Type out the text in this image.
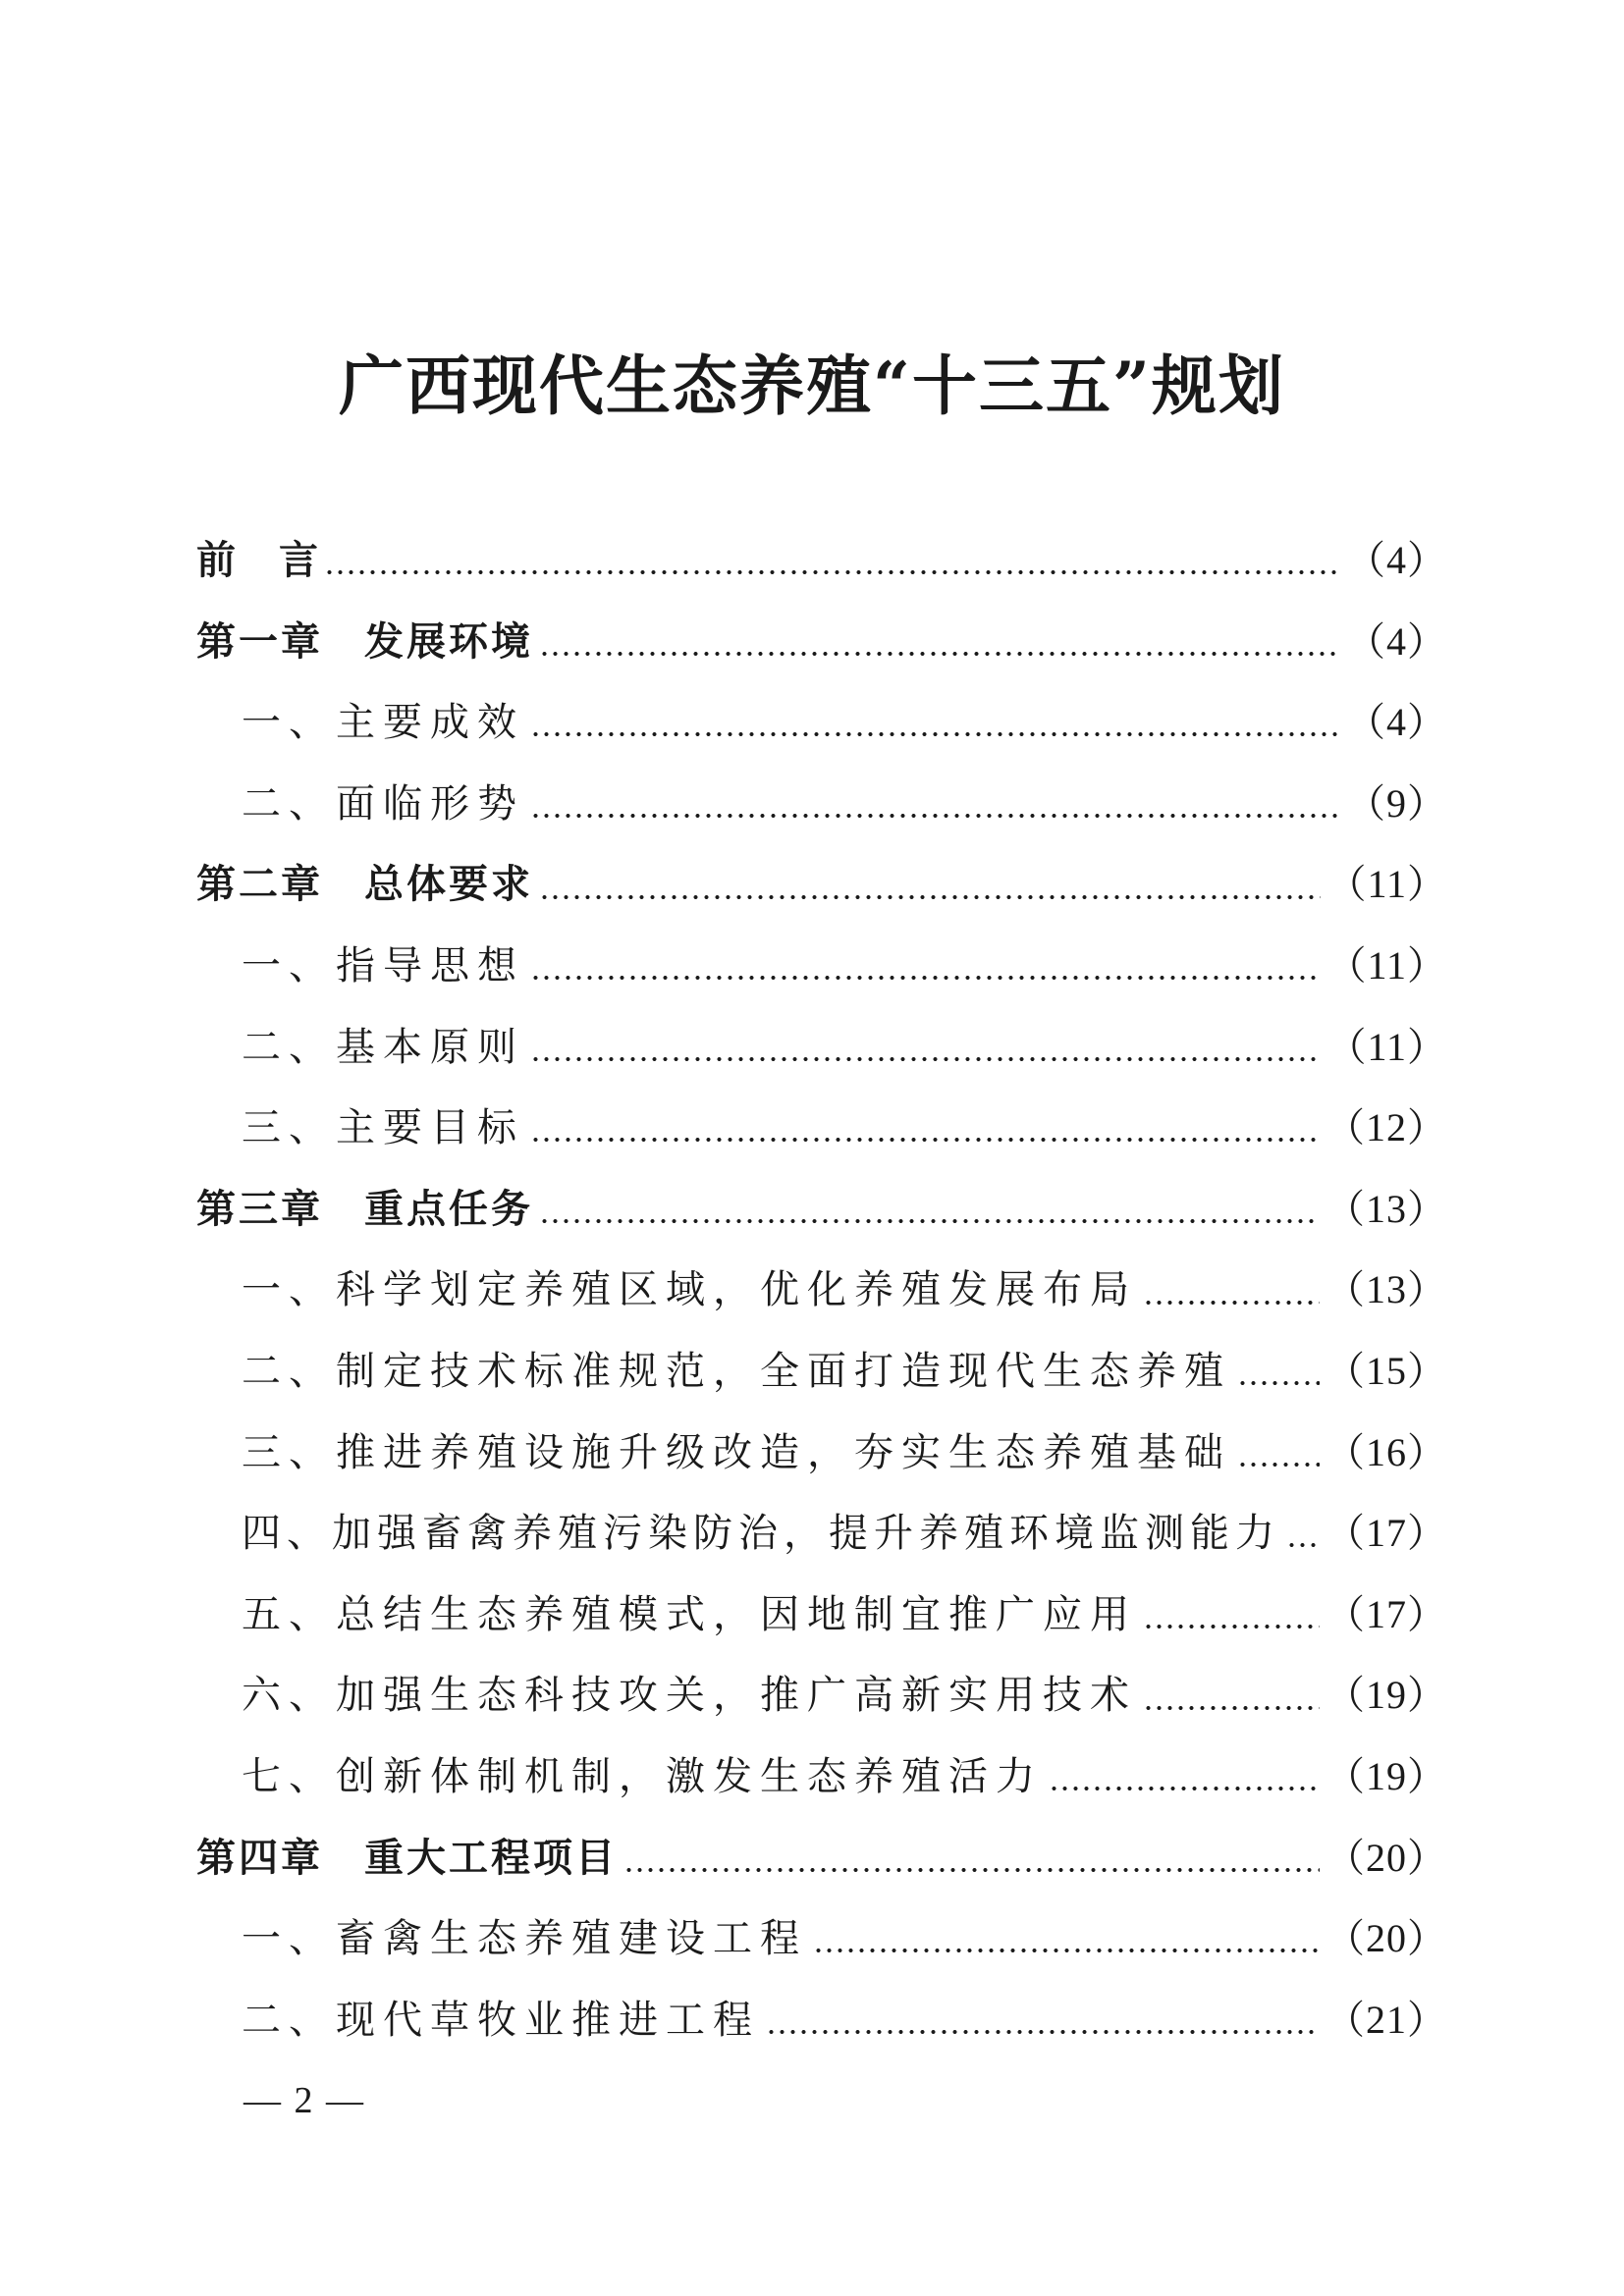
广西现代生态养殖“十三五”规划
前 言	（4）
第一章 发展环境	（4）
一、主要成效	（4）
二、面临形势	（9）
第二章 总体要求	（11）
一、指导思想	（11）
二、基本原则	（11）
三、主要目标	（12）
第三章 重点任务	（13）
一、科学划定养殖区域，优化养殖发展布局	（13）
二、制定技术标准规范，全面打造现代生态养殖 （15）
三、推进养殖设施升级改造，夯实生态养殖基础 （16）
四、加强畜禽养殖污染防治，提升养殖环境监测能力 （17）
五、总结生态养殖模式，因地制宜推广应用	（17）
六、加强生态科技攻关，推广高新实用技术	（19）
七、创新体制机制，激发生态养殖活力	（19）
第四章 重大工程项目	（20）
一、畜禽生态养殖建设工程	（20）
二、现代草牧业推进工程	（21）
— 2 —
